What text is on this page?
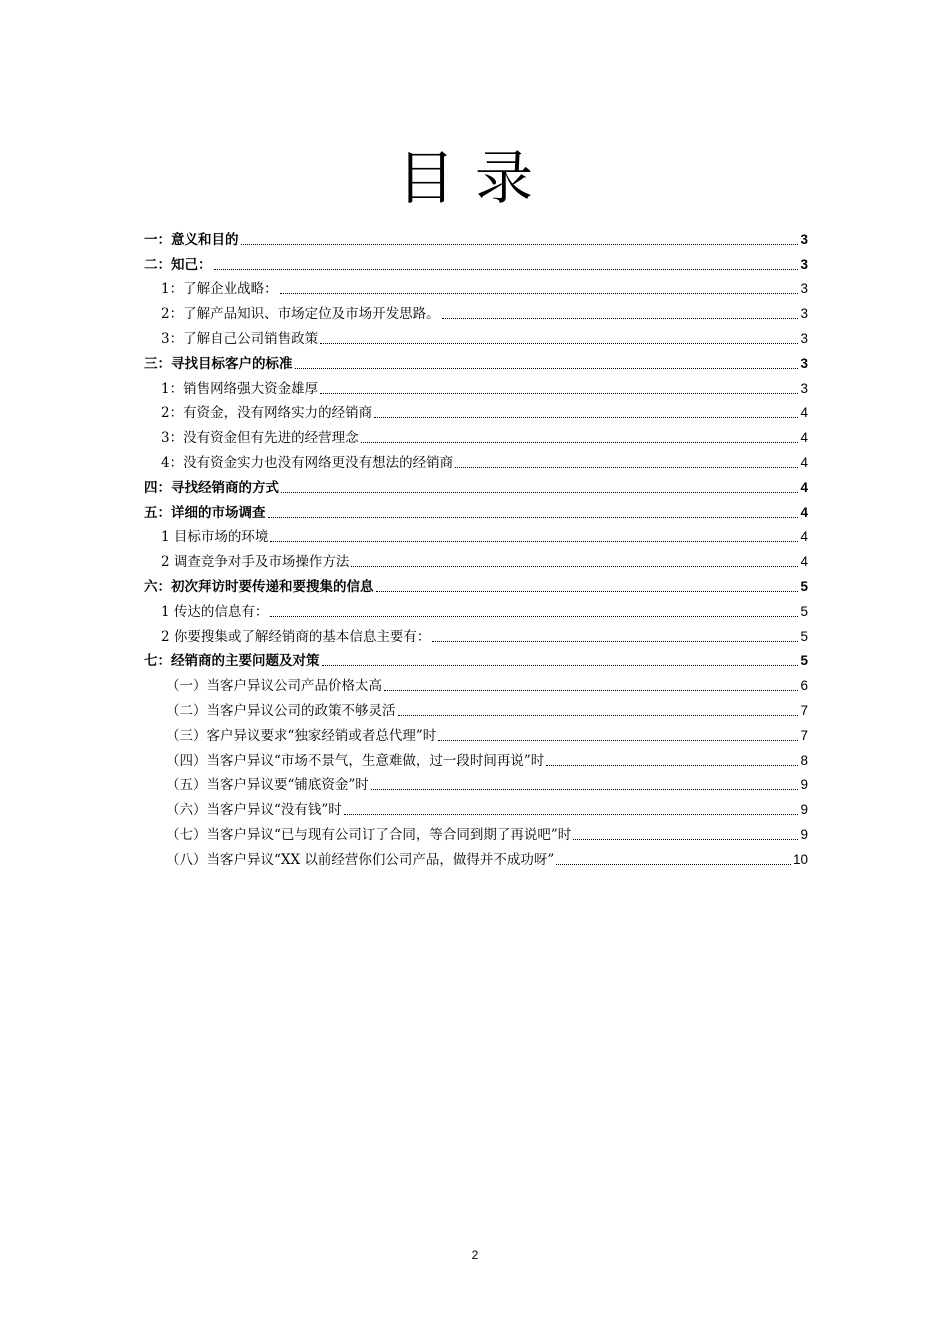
目录
一：意义和目的	3
二：知己：	3
1：了解企业战略：	3
2：了解产品知识、市场定位及市场开发思路。	3
3：了解自己公司销售政策	3
三：寻找目标客户的标准	3
1：销售网络强大资金雄厚	3
2：有资金，没有网络实力的经销商	4
3：没有资金但有先进的经营理念	4
4：没有资金实力也没有网络更没有想法的经销商	4
四：寻找经销商的方式	4
五：详细的市场调查	4
1 目标市场的环境	4
2 调查竞争对手及市场操作方法	4
六：初次拜访时要传递和要搜集的信息	5
1 传达的信息有：	5
2 你要搜集或了解经销商的基本信息主要有：	5
七：经销商的主要问题及对策	5
（一）当客户异议公司产品价格太高	6
（二）当客户异议公司的政策不够灵活	7
（三）客户异议要求“独家经销或者总代理”时	7
（四）当客户异议“市场不景气，生意难做，过一段时间再说”时	8
（五）当客户异议要“铺底资金”时	9
（六）当客户异议“没有钱”时	9
（七）当客户异议“已与现有公司订了合同，等合同到期了再说吧”时	9
（八）当客户异议“XX 以前经营你们公司产品，做得并不成功呀”	10
2
